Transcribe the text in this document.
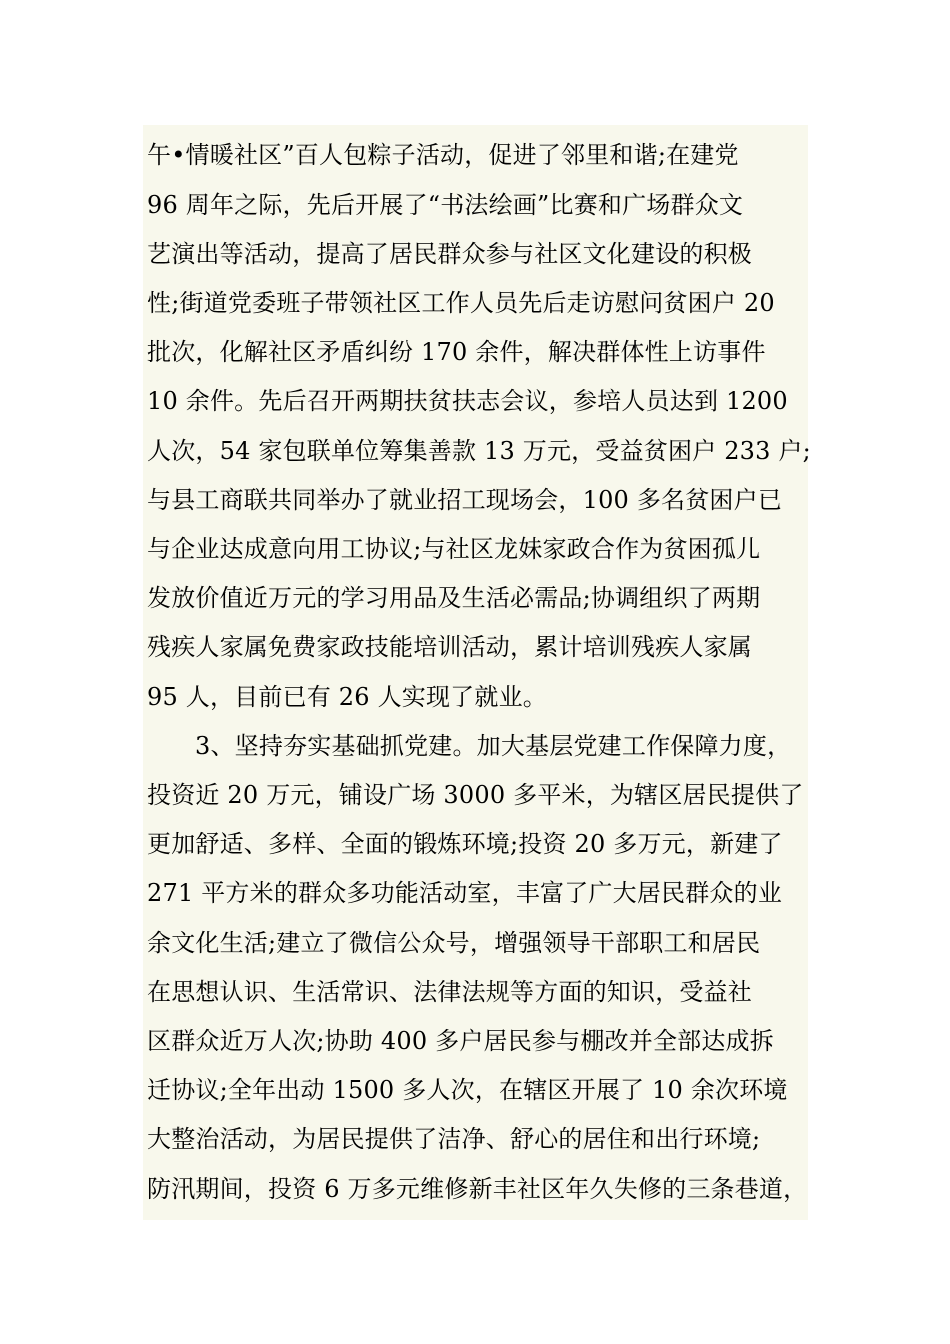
午•情暖社区”百人包粽子活动，促进了邻里和谐;在建党
96 周年之际，先后开展了“书法绘画”比赛和广场群众文
艺演出等活动，提高了居民群众参与社区文化建设的积极
性;街道党委班子带领社区工作人员先后走访慰问贫困户 20
批次，化解社区矛盾纠纷 170 余件，解决群体性上访事件
10 余件。先后召开两期扶贫扶志会议，参培人员达到 1200
人次，54 家包联单位筹集善款 13 万元，受益贫困户 233 户;
与县工商联共同举办了就业招工现场会，100 多名贫困户已
与企业达成意向用工协议;与社区龙妹家政合作为贫困孤儿
发放价值近万元的学习用品及生活必需品;协调组织了两期
残疾人家属免费家政技能培训活动，累计培训残疾人家属
95 人，目前已有 26 人实现了就业。
3、坚持夯实基础抓党建。加大基层党建工作保障力度，
投资近 20 万元，铺设广场 3000 多平米，为辖区居民提供了
更加舒适、多样、全面的锻炼环境;投资 20 多万元，新建了
271 平方米的群众多功能活动室，丰富了广大居民群众的业
余文化生活;建立了微信公众号，增强领导干部职工和居民
在思想认识、生活常识、法律法规等方面的知识，受益社
区群众近万人次;协助 400 多户居民参与棚改并全部达成拆
迁协议;全年出动 1500 多人次，在辖区开展了 10 余次环境
大整治活动，为居民提供了洁净、舒心的居住和出行环境;
防汛期间，投资 6 万多元维修新丰社区年久失修的三条巷道，
